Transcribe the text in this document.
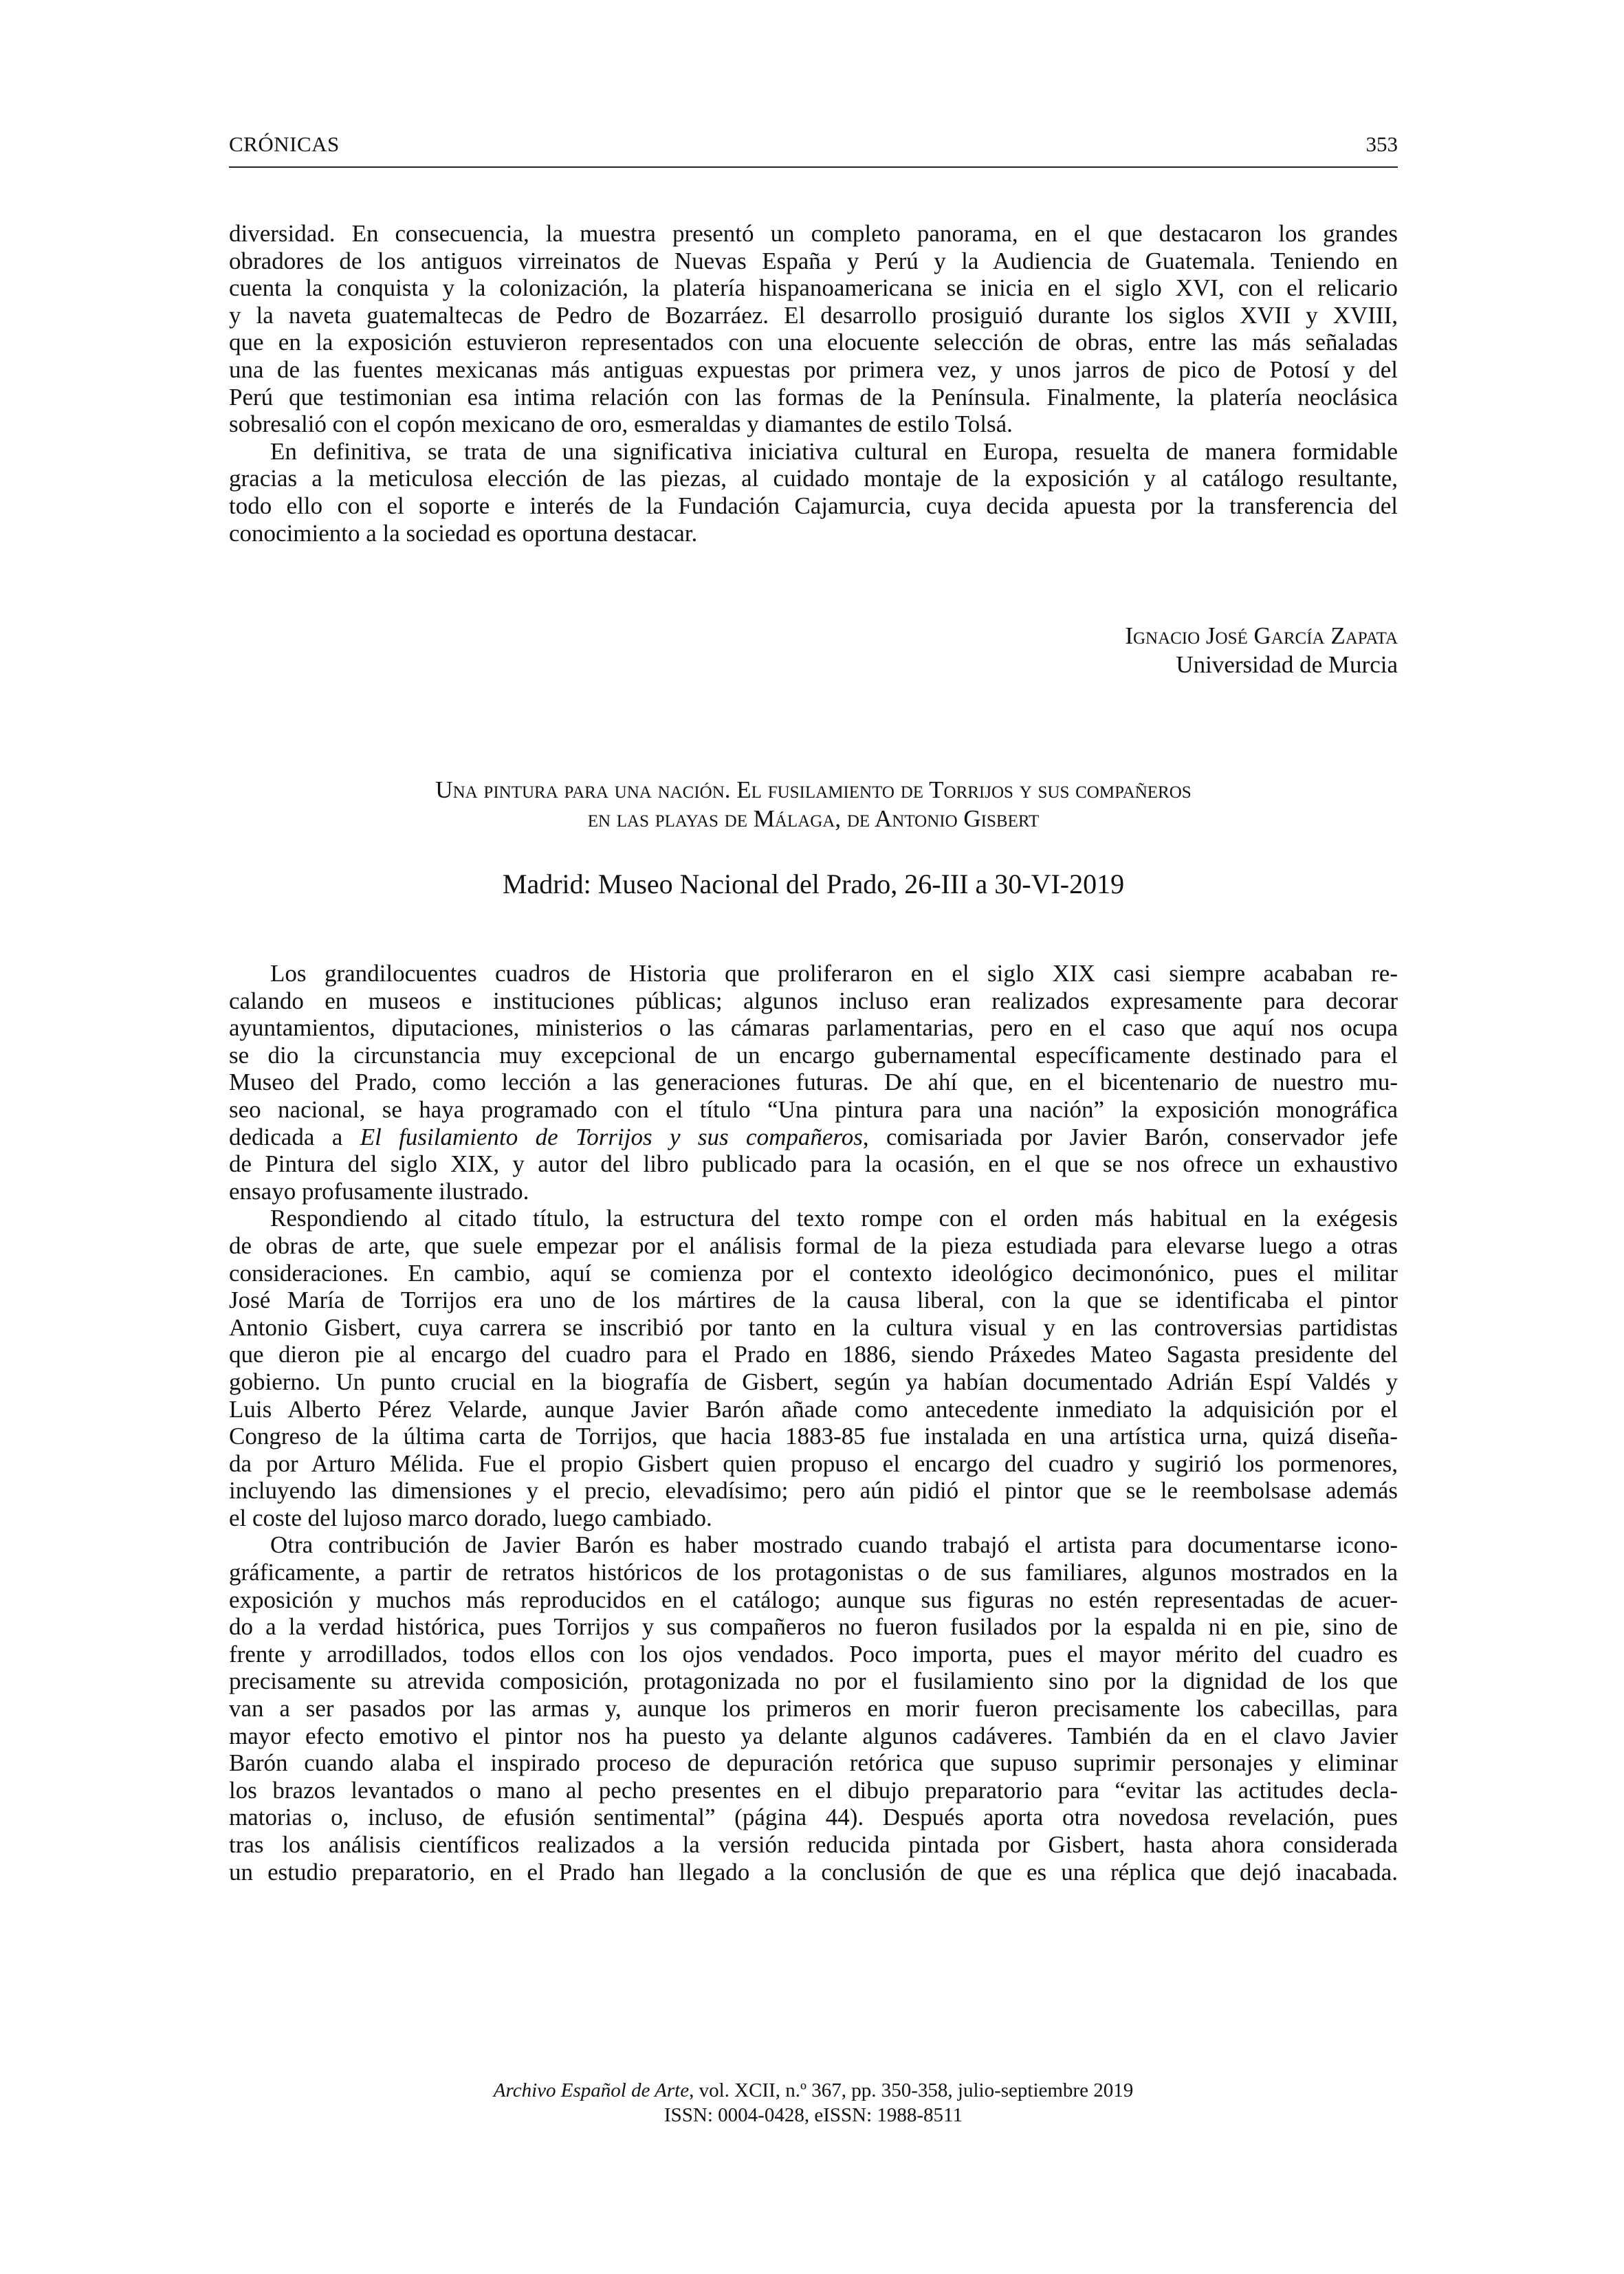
CRÓNICAS	353
diversidad. En consecuencia, la muestra presentó un completo panorama, en el que destacaron los grandes
obradores de los antiguos virreinatos de Nuevas España y Perú y la Audiencia de Guatemala. Teniendo en
cuenta la conquista y la colonización, la platería hispanoamericana se inicia en el siglo XVI, con el relicario
y la naveta guatemaltecas de Pedro de Bozarráez. El desarrollo prosiguió durante los siglos XVII y XVIII,
que en la exposición estuvieron representados con una elocuente selección de obras, entre las más señaladas
una de las fuentes mexicanas más antiguas expuestas por primera vez, y unos jarros de pico de Potosí y del
Perú que testimonian esa intima relación con las formas de la Península. Finalmente, la platería neoclásica
sobresalió con el copón mexicano de oro, esmeraldas y diamantes de estilo Tolsá.
En definitiva, se trata de una significativa iniciativa cultural en Europa, resuelta de manera formidable
gracias a la meticulosa elección de las piezas, al cuidado montaje de la exposición y al catálogo resultante,
todo ello con el soporte e interés de la Fundación Cajamurcia, cuya decida apuesta por la transferencia del
conocimiento a la sociedad es oportuna destacar.
Ignacio José García Zapata
Universidad de Murcia
Una pintura para una nación. El fusilamiento de Torrijos y sus compañeros
en las playas de Málaga, de Antonio Gisbert
Madrid: Museo Nacional del Prado, 26-III a 30-VI-2019
Los grandilocuentes cuadros de Historia que proliferaron en el siglo XIX casi siempre acababan re-
calando en museos e instituciones públicas; algunos incluso eran realizados expresamente para decorar
ayuntamientos, diputaciones, ministerios o las cámaras parlamentarias, pero en el caso que aquí nos ocupa
se dio la circunstancia muy excepcional de un encargo gubernamental específicamente destinado para el
Museo del Prado, como lección a las generaciones futuras. De ahí que, en el bicentenario de nuestro mu-
seo nacional, se haya programado con el título “Una pintura para una nación” la exposición monográfica
dedicada a El fusilamiento de Torrijos y sus compañeros, comisariada por Javier Barón, conservador jefe
de Pintura del siglo XIX, y autor del libro publicado para la ocasión, en el que se nos ofrece un exhaustivo
ensayo profusamente ilustrado.
Respondiendo al citado título, la estructura del texto rompe con el orden más habitual en la exégesis
de obras de arte, que suele empezar por el análisis formal de la pieza estudiada para elevarse luego a otras
consideraciones. En cambio, aquí se comienza por el contexto ideológico decimonónico, pues el militar
José María de Torrijos era uno de los mártires de la causa liberal, con la que se identificaba el pintor
Antonio Gisbert, cuya carrera se inscribió por tanto en la cultura visual y en las controversias partidistas
que dieron pie al encargo del cuadro para el Prado en 1886, siendo Práxedes Mateo Sagasta presidente del
gobierno. Un punto crucial en la biografía de Gisbert, según ya habían documentado Adrián Espí Valdés y
Luis Alberto Pérez Velarde, aunque Javier Barón añade como antecedente inmediato la adquisición por el
Congreso de la última carta de Torrijos, que hacia 1883-85 fue instalada en una artística urna, quizá diseña-
da por Arturo Mélida. Fue el propio Gisbert quien propuso el encargo del cuadro y sugirió los pormenores,
incluyendo las dimensiones y el precio, elevadísimo; pero aún pidió el pintor que se le reembolsase además
el coste del lujoso marco dorado, luego cambiado.
Otra contribución de Javier Barón es haber mostrado cuando trabajó el artista para documentarse icono-
gráficamente, a partir de retratos históricos de los protagonistas o de sus familiares, algunos mostrados en la
exposición y muchos más reproducidos en el catálogo; aunque sus figuras no estén representadas de acuer-
do a la verdad histórica, pues Torrijos y sus compañeros no fueron fusilados por la espalda ni en pie, sino de
frente y arrodillados, todos ellos con los ojos vendados. Poco importa, pues el mayor mérito del cuadro es
precisamente su atrevida composición, protagonizada no por el fusilamiento sino por la dignidad de los que
van a ser pasados por las armas y, aunque los primeros en morir fueron precisamente los cabecillas, para
mayor efecto emotivo el pintor nos ha puesto ya delante algunos cadáveres. También da en el clavo Javier
Barón cuando alaba el inspirado proceso de depuración retórica que supuso suprimir personajes y eliminar
los brazos levantados o mano al pecho presentes en el dibujo preparatorio para “evitar las actitudes decla-
matorias o, incluso, de efusión sentimental” (página 44). Después aporta otra novedosa revelación, pues
tras los análisis científicos realizados a la versión reducida pintada por Gisbert, hasta ahora considerada
un estudio preparatorio, en el Prado han llegado a la conclusión de que es una réplica que dejó inacabada.
Archivo Español de Arte, vol. XCII, n.º 367, pp. 350-358, julio-septiembre 2019
ISSN: 0004-0428, eISSN: 1988-8511
